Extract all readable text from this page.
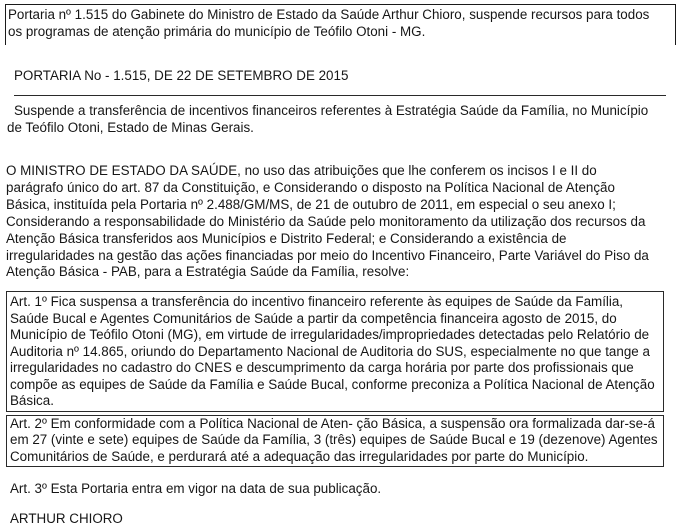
Portaria nº 1.515 do Gabinete do Ministro de Estado da Saúde Arthur Chioro, suspende recursos para todos
os programas de atenção primária do município de Teófilo Otoni - MG.
PORTARIA No - 1.515, DE 22 DE SETEMBRO DE 2015
Suspende a transferência de incentivos financeiros referentes à Estratégia Saúde da Família, no Município
de Teófilo Otoni, Estado de Minas Gerais.
O MINISTRO DE ESTADO DA SAÚDE, no uso das atribuições que lhe conferem os incisos I e II do
parágrafo único do art. 87 da Constituição, e Considerando o disposto na Política Nacional de Atenção
Básica, instituída pela Portaria nº 2.488/GM/MS, de 21 de outubro de 2011, em especial o seu anexo I;
Considerando a responsabilidade do Ministério da Saúde pelo monitoramento da utilização dos recursos da
Atenção Básica transferidos aos Municípios e Distrito Federal; e Considerando a existência de
irregularidades na gestão das ações financiadas por meio do Incentivo Financeiro, Parte Variável do Piso da
Atenção Básica - PAB, para a Estratégia Saúde da Família, resolve:
Art. 1º Fica suspensa a transferência do incentivo financeiro referente às equipes de Saúde da Família,
Saúde Bucal e Agentes Comunitários de Saúde a partir da competência financeira agosto de 2015, do
Município de Teófilo Otoni (MG), em virtude de irregularidades/impropriedades detectadas pelo Relatório de
Auditoria nº 14.865, oriundo do Departamento Nacional de Auditoria do SUS, especialmente no que tange a
irregularidades no cadastro do CNES e descumprimento da carga horária por parte dos profissionais que
compõe as equipes de Saúde da Família e Saúde Bucal, conforme preconiza a Política Nacional de Atenção
Básica.
Art. 2º Em conformidade com a Política Nacional de Aten- ção Básica, a suspensão ora formalizada dar-se-á
em 27 (vinte e sete) equipes de Saúde da Família, 3 (três) equipes de Saúde Bucal e 19 (dezenove) Agentes
Comunitários de Saúde, e perdurará até a adequação das irregularidades por parte do Município.
Art. 3º Esta Portaria entra em vigor na data de sua publicação.
ARTHUR CHIORO
